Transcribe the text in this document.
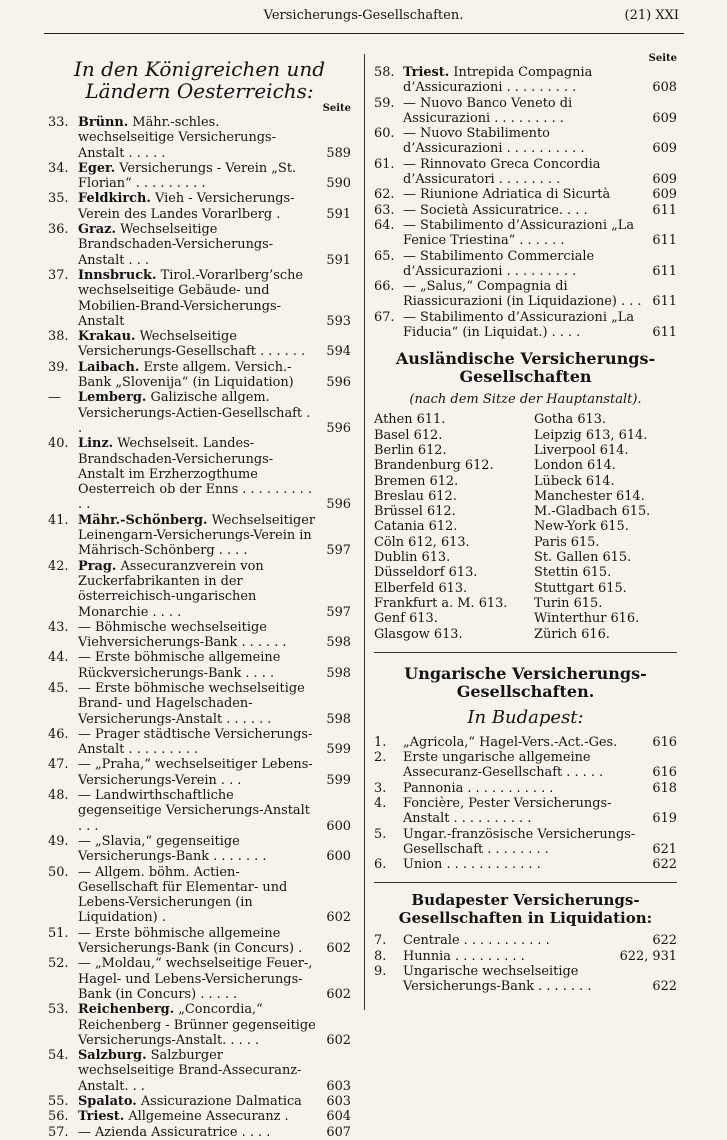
Versicherungs-Gesellschaften.	(21) XXI
In den Königreichen und Ländern Oesterreichs:
Seite
33. Brünn. Mähr.-schles. wechselseitige Versicherungs-Anstalt . . . . .	589
34. Eger. Versicherungs - Verein „St. Florian“ . . . . . . . . .	590
35. Feldkirch. Vieh - Versicherungs-Verein des Landes Vorarlberg .	591
36. Graz. Wechselseitige Brandschaden-Versicherungs-Anstalt . . .	591
37. Innsbruck. Tirol.-Vorarlberg’sche wechselseitige Gebäude- und Mobilien-Brand-Versicherungs-Anstalt	593
38. Krakau. Wechselseitige Versicherungs-Gesellschaft . . . . . .	594
39. Laibach. Erste allgem. Versich.-Bank „Slovenija“ (in Liquidation)	596
—	Lemberg. Galizische allgem. Versicherungs-Actien-Gesellschaft . .	596
40. Linz. Wechselseit. Landes-Brandschaden-Versicherungs-Anstalt im Erzherzogthume Oesterreich ob der Enns . . . . . . . . . . .	596
41. Mähr.-Schönberg. Wechselseitiger Leinengarn-Versicherungs-Verein in Mährisch-Schönberg . . . .	597
42. Prag. Assecuranzverein von Zuckerfabrikanten in der österreichisch-ungarischen Monarchie . . . .	597
43. — Böhmische wechselseitige Viehversicherungs-Bank . . . . . .	598
44. — Erste böhmische allgemeine Rückversicherungs-Bank . . . .	598
45. — Erste böhmische wechselseitige Brand- und Hagelschaden-Versicherungs-Anstalt . . . . . .	598
46. — Prager städtische Versicherungs-Anstalt . . . . . . . . .	599
47. — „Praha,“ wechselseitiger Lebens-Versicherungs-Verein . . .	599
48. — Landwirthschaftliche gegenseitige Versicherungs-Anstalt . . .	600
49. — „Slavia,“ gegenseitige Versicherungs-Bank . . . . . . .	600
50. — Allgem. böhm. Actien-Gesellschaft für Elementar- und Lebens-Versicherungen (in Liquidation) .	602
51. — Erste böhmische allgemeine Versicherungs-Bank (in Concurs) .	602
52. — „Moldau,“ wechselseitige Feuer-, Hagel- und Lebens-Versicherungs-Bank (in Concurs) . . . . .	602
53. Reichenberg. „Concordia,“ Reichenberg - Brünner gegenseitige Versicherungs-Anstalt. . . . .	602
54. Salzburg. Salzburger wechselseitige Brand-Assecuranz-Anstalt. . .	603
55. Spalato. Assicurazione Dalmatica	603
56. Triest. Allgemeine Assecuranz .	604
57. — Azienda Assicuratrice . . . .	607
Seite
58. Triest. Intrepida Compagnia d’Assicurazioni . . . . . . . . .	608
59. — Nuovo Banco Veneto di Assicurazioni . . . . . . . . .	609
60. — Nuovo Stabilimento d’Assicurazioni . . . . . . . . . .	609
61. — Rinnovato Greca Concordia d’Assicuratori . . . . . . . .	609
62. — Riunione Adriatica di Sicurtà	609
63. — Società Assicuratrice. . . .	611
64. — Stabilimento d’Assicurazioni „La Fenice Triestina“ . . . . . .	611
65. — Stabilimento Commerciale d’Assicurazioni . . . . . . . . .	611
66. — „Salus,“ Compagnia di Riassicurazioni (in Liquidazione) . . . 611
67. — Stabilimento d’Assicurazioni „La Fiducia“ (in Liquidat.) . . . .	611
Ausländische Versicherungs-Gesellschaften
(nach dem Sitze der Hauptanstalt).
Athen 611.
Basel 612.
Berlin 612.
Brandenburg 612.
Bremen 612.
Breslau 612.
Brüssel 612.
Catania 612.
Cöln 612, 613.
Dublin 613.
Düsseldorf 613.
Elberfeld 613.
Frankfurt a. M. 613.
Genf 613.
Glasgow 613.
Gotha 613.
Leipzig 613, 614.
Liverpool 614.
London 614.
Lübeck 614.
Manchester 614.
M.-Gladbach 615.
New-York 615.
Paris 615.
St. Gallen 615.
Stettin 615.
Stuttgart 615.
Turin 615.
Winterthur 616.
Zürich 616.
Ungarische Versicherungs-Gesellschaften.
In Budapest:
1.	„Agricola,“ Hagel-Vers.-Act.-Ges.	616
2.	Erste ungarische allgemeine Assecuranz-Gesellschaft . . . . .	616
3.	Pannonia . . . . . . . . . . .	618
4.	Foncière, Pester Versicherungs-Anstalt . . . . . . . . . .	619
5.	Ungar.-französische Versicherungs-Gesellschaft . . . . . . . .	621
6.	Union . . . . . . . . . . . .	622
Budapester Versicherungs-Gesellschaften in Liquidation:
7.	Centrale . . . . . . . . . . .	622
8.	Hunnia . . . . . . . . .	622, 931
9.	Ungarische wechselseitige Versicherungs-Bank . . . . . . .	622
